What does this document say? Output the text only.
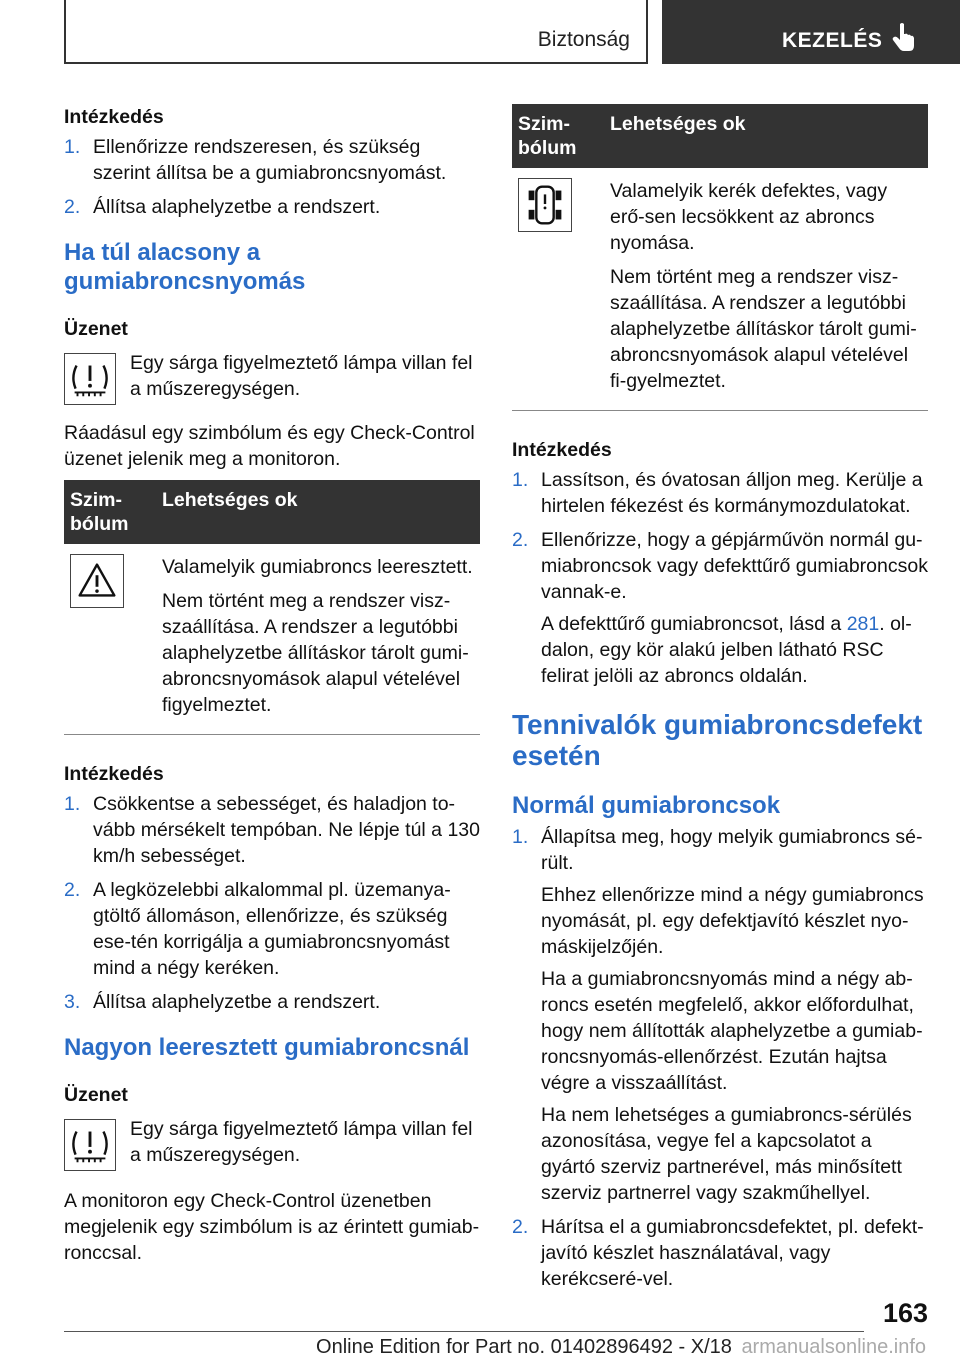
Biztonság	KEZELÉS

Intézkedés

1. Ellenőrizze rendszeresen, és szükség szerint állítsa be a gumiabroncsnyomást.

2. Állítsa alaphelyzetbe a rendszert.

Ha túl alacsony a gumiabroncsnyomás

Üzenet

Egy sárga figyelmeztető lámpa villan fel a műszeregységen.

Ráadásul egy szimbólum és egy Check-Control üzenet jelenik meg a monitoron.

Szim-bólum	Lehetséges ok

Valamelyik gumiabroncs leeresztett.

Nem történt meg a rendszer visz-szaállítása. A rendszer a legutóbbi alaphelyzetbe állításkor tárolt gumi-abroncsnyomások alapul vételével figyelmeztet.

Intézkedés

1. Csökkentse a sebességet, és haladjon to-vább mérsékelt tempóban. Ne lépje túl a 130 km/h sebességet.

2. A legközelebbi alkalommal pl. üzemanya-gtöltő állomáson, ellenőrizze, és szükség ese-tén korrigálja a gumiabroncsnyomást mind a négy keréken.

3. Állítsa alaphelyzetbe a rendszert.

Nagyon leeresztett gumiabroncsnál

Üzenet

Egy sárga figyelmeztető lámpa villan fel a műszeregységen.

A monitoron egy Check-Control üzenetben megjelenik egy szimbólum is az érintett gumiab-ronccsal.

Szim-bólum	Lehetséges ok

Valamelyik kerék defektes, vagy erő-sen lecsökkent az abroncs nyomása.

Nem történt meg a rendszer visz-szaállítása. A rendszer a legutóbbi alaphelyzetbe állításkor tárolt gumi-abroncsnyomások alapul vételével fi-gyelmeztet.

Intézkedés

1. Lassítson, és óvatosan álljon meg. Kerülje a hirtelen fékezést és kormánymozdulatokat.

2. Ellenőrizze, hogy a gépjárművön normál gu-miabroncsok vagy defekttűrő gumiabroncsok vannak-e.

A defekttűrő gumiabroncsot, lásd a 281. ol-dalon, egy kör alakú jelben látható RSC felirat jelöli az abroncs oldalán.

Tennivalók gumiabroncsdefekt esetén
Normál gumiabroncsok
1. Állapítsa meg, hogy melyik gumiabroncs sé-rült.

Ehhez ellenőrizze mind a négy gumiabroncs nyomását, pl. egy defektjavító készlet nyo-máskijelzőjén.

Ha a gumiabroncsnyomás mind a négy ab-roncs esetén megfelelő, akkor előfordulhat, hogy nem állították alaphelyzetbe a gumiab-roncsnyomás-ellenőrzést. Ezután hajtsa végre a visszaállítást.

Ha nem lehetséges a gumiabroncs-sérülés azonosítása, vegye fel a kapcsolatot a gyártó szerviz partnerével, más minősített szerviz partnerrel vagy szakműhellyel.

2. Hárítsa el a gumiabroncsdefektet, pl. defekt-javító készlet használatával, vagy kerékcseré-vel.

163
Online Edition for Part no. 01402896492 - X/18 armanualsonline.info
